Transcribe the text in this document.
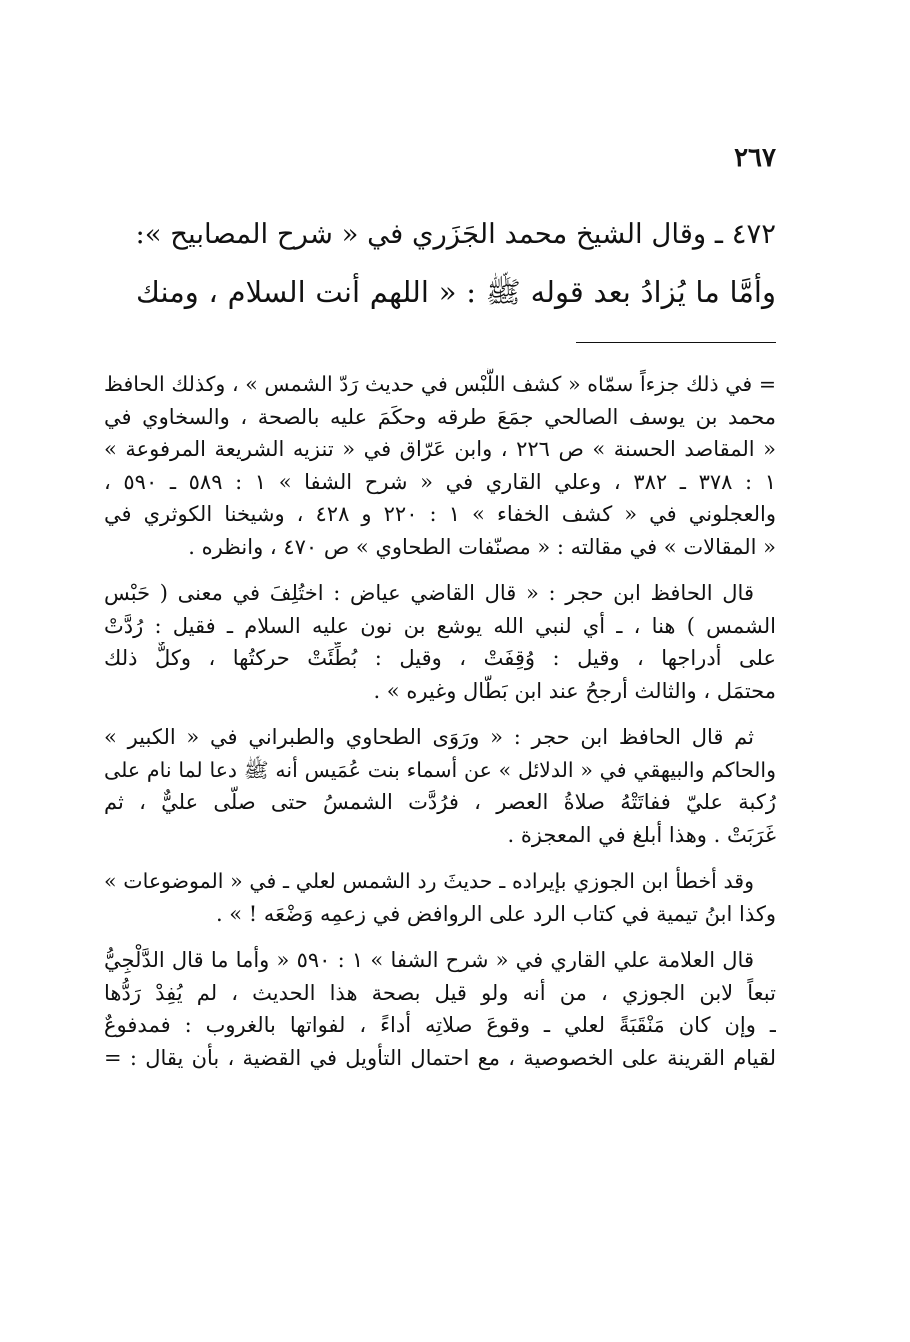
٢٦٧
٤٧٢ ـ وقال الشيخ محمد الجَزَري في « شرح المصابيح »:
وأمَّا ما يُزادُ بعد قوله ﷺ : « اللهم أنت السلام ، ومنك
= في ذلك جزءاً سمّاه « كشف اللَّبْس في حديث رَدّ الشمس » ، وكذلك الحافظ
محمد بن يوسف الصالحي جمَعَ طرقه وحكَمَ عليه بالصحة ، والسخاوي في
« المقاصد الحسنة » ص ٢٢٦ ، وابن عَرّاق في « تنزيه الشريعة المرفوعة »
١ : ٣٧٨ ـ ٣٨٢ ، وعلي القاري في « شرح الشفا » ١ : ٥٨٩ ـ ٥٩٠ ،
والعجلوني في « كشف الخفاء » ١ : ٢٢٠ و ٤٢٨ ، وشيخنا الكوثري في
« المقالات » في مقالته : « مصنّفات الطحاوي » ص ٤٧٠ ، وانظره .
قال الحافظ ابن حجر : « قال القاضي عياض : اختُلِفَ في معنى ( حَبْس
الشمس ) هنا ، ـ أي لنبي الله يوشع بن نون عليه السلام ـ فقيل : رُدَّتْ
على أدراجها ، وقيل : وُقِفَتْ ، وقيل : بُطِّئَتْ حركتُها ، وكلٌّ ذلك
محتمَل ، والثالث أرجحُ عند ابن بَطّال وغيره » .
ثم قال الحافظ ابن حجر : « ورَوَى الطحاوي والطبراني في « الكبير »
والحاكم والبيهقي في « الدلائل » عن أسماء بنت عُمَيس أنه ﷺ دعا لما نام على
رُكبة عليّ ففاتَتْهُ صلاةُ العصر ، فرُدَّت الشمسُ حتى صلّى عليٌّ ، ثم
غَرَبَتْ . وهذا أبلغ في المعجزة .
وقد أخطأ ابن الجوزي بإيراده ـ حديثَ رد الشمس لعلي ـ في « الموضوعات »
وكذا ابنُ تيمية في كتاب الرد على الروافض في زعمِه وَضْعَه ! » .
قال العلامة علي القاري في « شرح الشفا » ١ : ٥٩٠ « وأما ما قال الدَّلْجِيُّ
تبعاً لابن الجوزي ، من أنه ولو قيل بصحة هذا الحديث ، لم يُفِدْ رَدُّها
ـ وإن كان مَنْقَبَةً لعلي ـ وقوعَ صلاتِه أداءً ، لفواتها بالغروب : فمدفوعٌ
لقيام القرينة على الخصوصية ، مع احتمال التأويل في القضية ، بأن يقال : =
